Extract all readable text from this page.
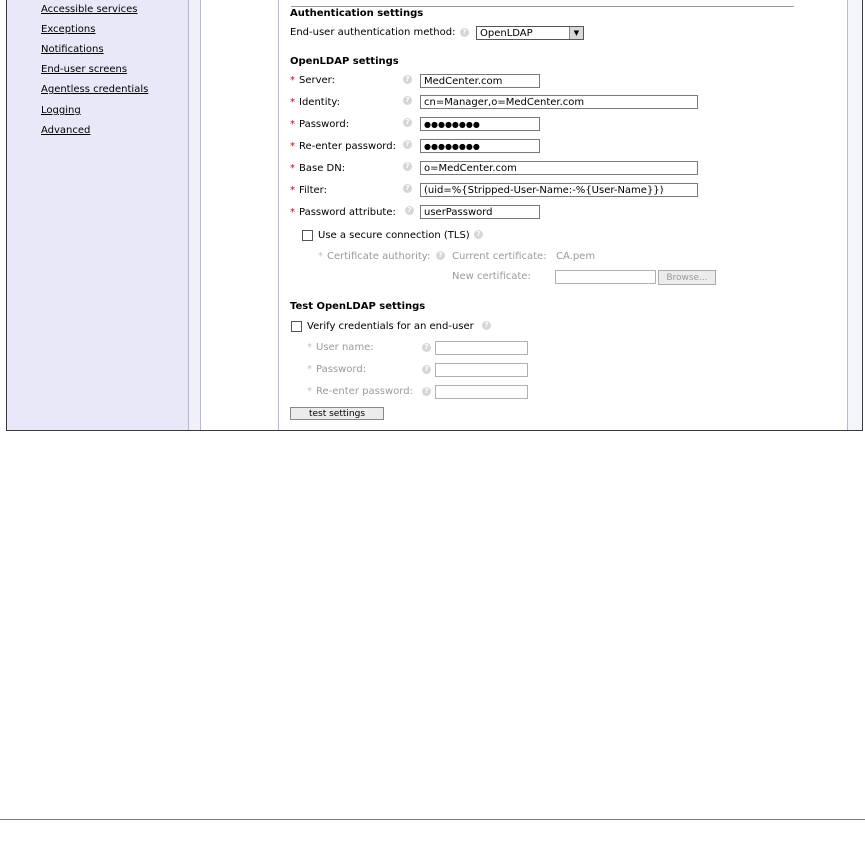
Accessible services
Exceptions
Notifications
End-user screens
Agentless credentials
Logging
Advanced
Authentication settings
End-user authentication method:	?	OpenLDAP	▼
OpenLDAP settings
* Server:	?	MedCenter.com
* Identity:	?	cn=Manager,o=MedCenter.com
* Password:	?	●●●●●●●●
* Re-enter password:	?	●●●●●●●●
* Base DN:	?	o=MedCenter.com
* Filter:	?	(uid=%{Stripped-User-Name:-%{User-Name}})
* Password attribute:	?	userPassword
Use a secure connection (TLS) ?
* Certificate authority:	? Current certificate: CA.pem
New certificate:	Browse...
Test OpenLDAP settings
Verify credentials for an end-user	?
* User name:	?
* Password:	?
* Re-enter password:	?
test settings
